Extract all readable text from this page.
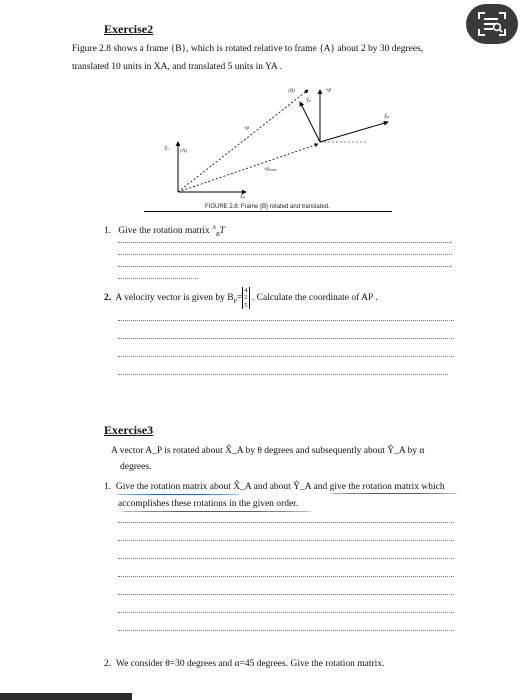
Exercise2
Figure 2.8 shows a frame {B}, which is rotated relative to frame {A} about 2 by 30 degrees,
translated 10 units in XA, and translated 5 units in YA .
ŶA {A}
X̂A
ᴬP
ᴬPBORG
{B}
ŶB
ᴮP
X̂B
FIGURE 2.8: Frame {B} rotated and translated.
1. Give the rotation matrix $^A_B$T
2. A velocity vector is given by $B_P=4$
2
5 . Calculate the coordinate of AP .
Exercise3
A vector A_P is rotated about X̂_A by θ degrees and subsequently about Ŷ_A by α
degrees.
1. Give the rotation matrix about X̂_A and about Ŷ_A and give the rotation matrix which
accomplishes these rotations in the given order.
2. We consider θ=30 degrees and α=45 degrees. Give the rotation matrix.
